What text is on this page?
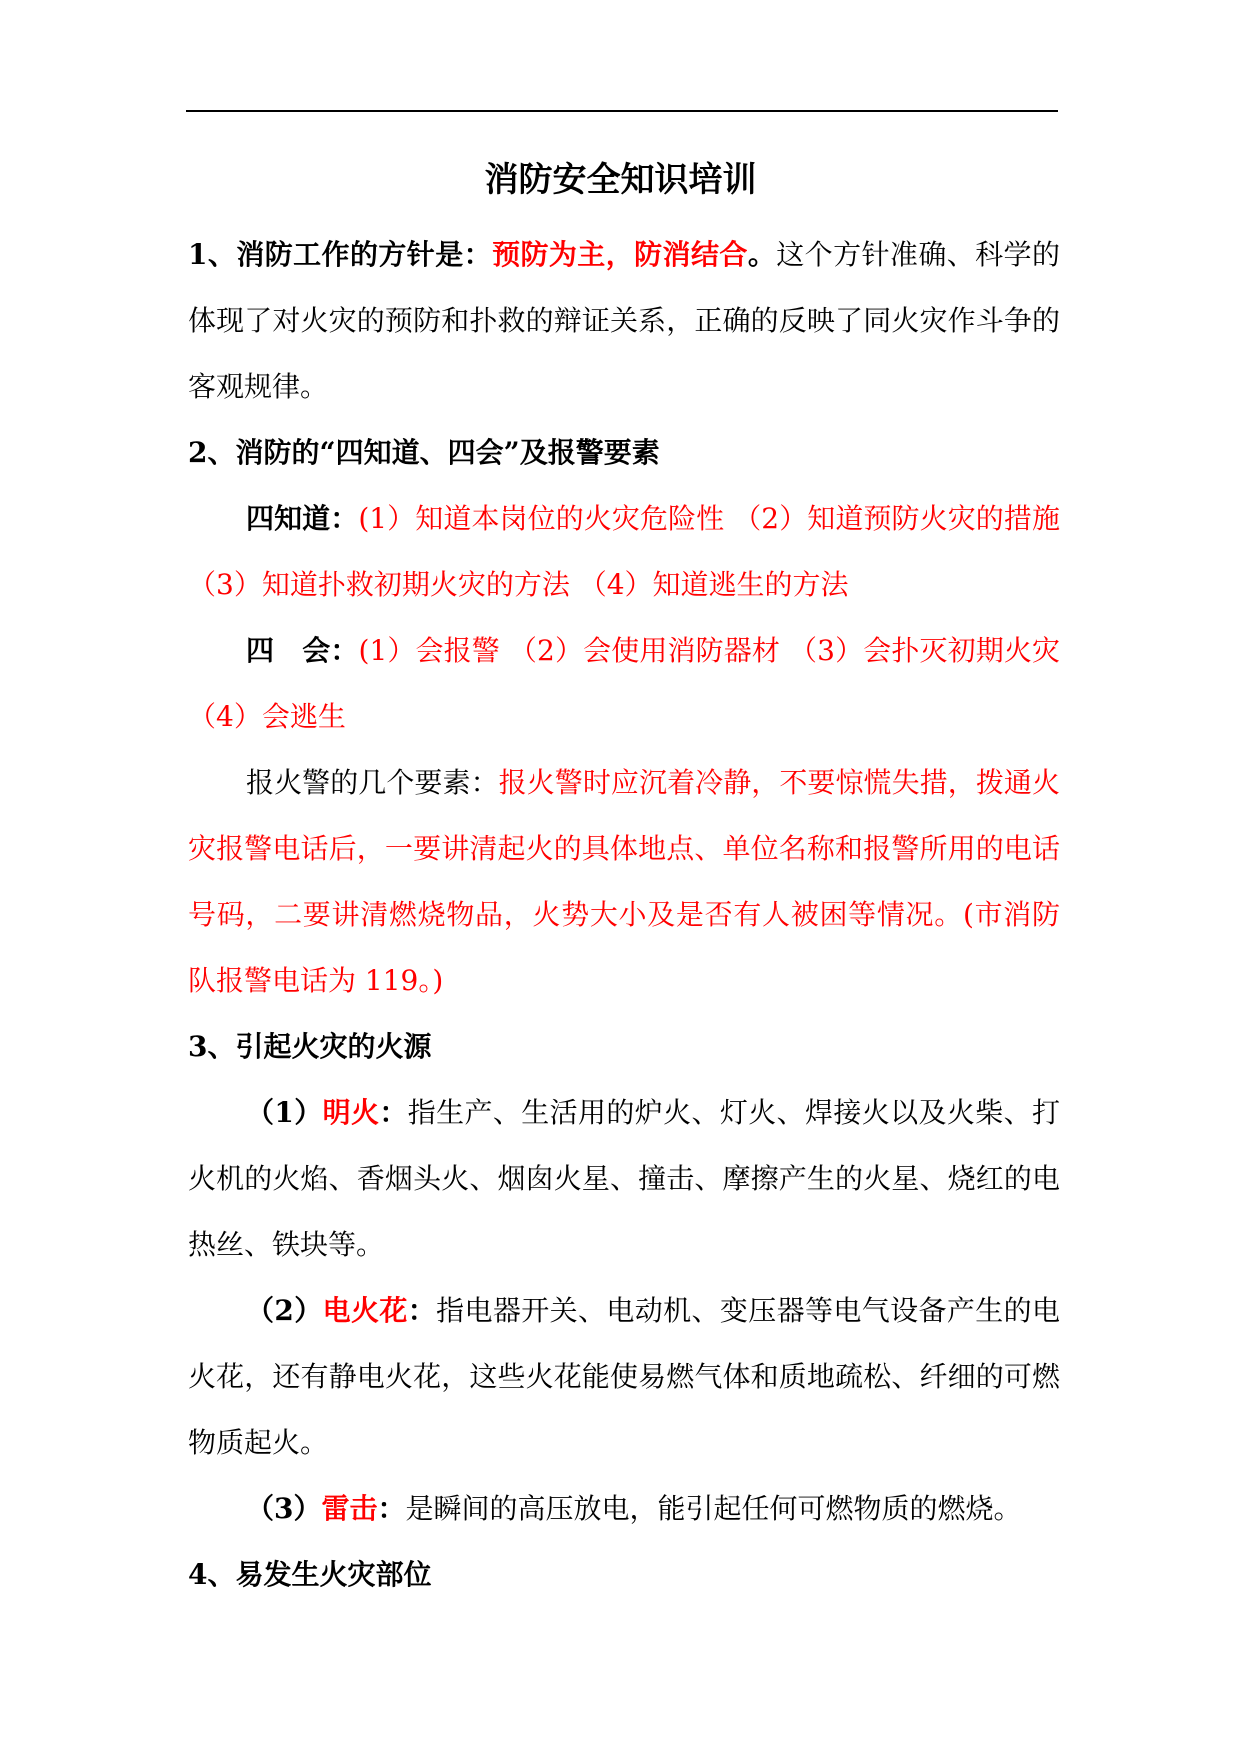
消防安全知识培训

1、消防工作的方针是：预防为主，防消结合。这个方针准确、科学的体现了对火灾的预防和扑救的辩证关系，正确的反映了同火灾作斗争的客观规律。

2、消防的“四知道、四会”及报警要素

四知道：(1）知道本岗位的火灾危险性 （2）知道预防火灾的措施 （3）知道扑救初期火灾的方法 （4）知道逃生的方法

四　会：(1）会报警 （2）会使用消防器材 （3）会扑灭初期火灾 （4）会逃生

报火警的几个要素：报火警时应沉着冷静，不要惊慌失措，拨通火灾报警电话后，一要讲清起火的具体地点、单位名称和报警所用的电话号码，二要讲清燃烧物品，火势大小及是否有人被困等情况。(市消防队报警电话为 119。)

3、引起火灾的火源

（1）明火：指生产、生活用的炉火、灯火、焊接火以及火柴、打火机的火焰、香烟头火、烟囱火星、撞击、摩擦产生的火星、烧红的电热丝、铁块等。

（2）电火花：指电器开关、电动机、变压器等电气设备产生的电火花，还有静电火花，这些火花能使易燃气体和质地疏松、纤细的可燃物质起火。

（3）雷击：是瞬间的高压放电，能引起任何可燃物质的燃烧。

4、易发生火灾部位
